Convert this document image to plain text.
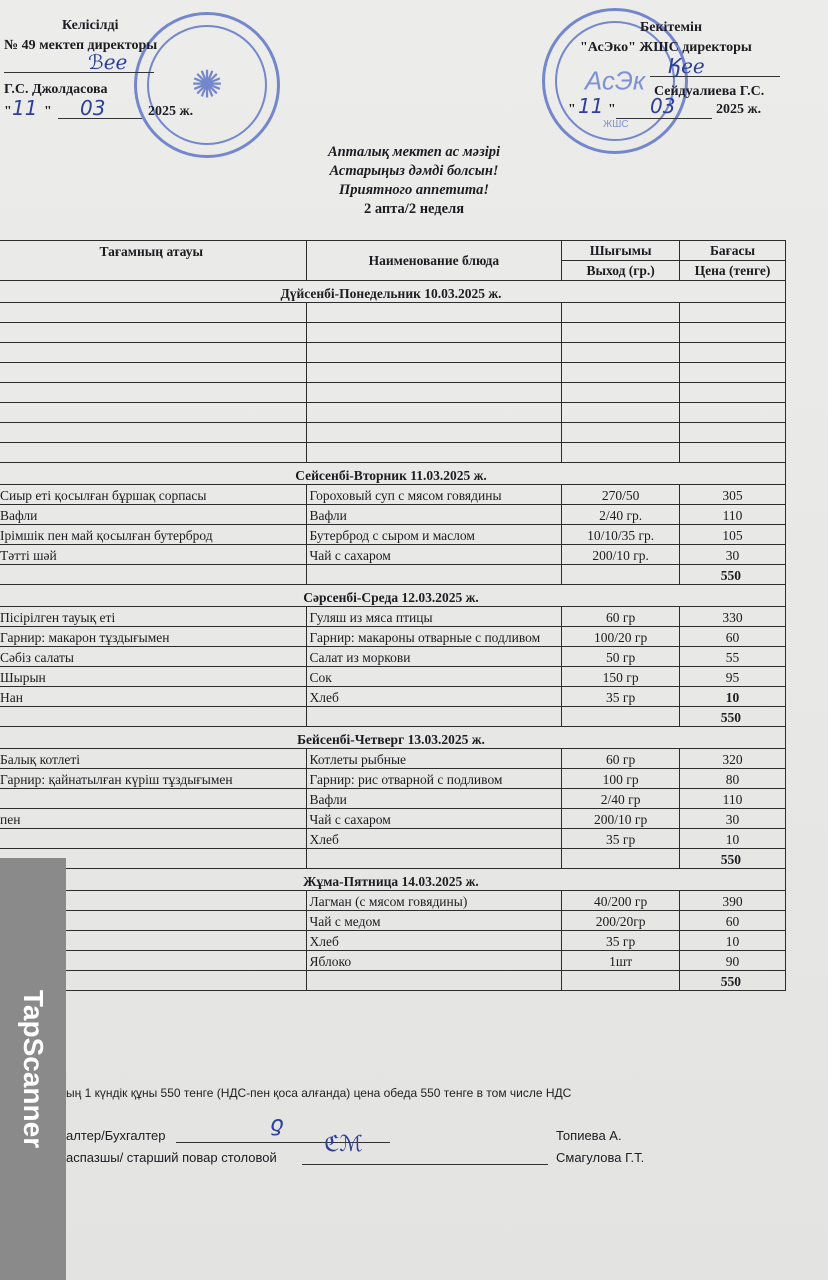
✺	АсЭк
ЖШС
Келісілді
№ 49 мектеп директоры
ℬℯℯ
Г.С. Джолдасова
" 11 " 03	2025 ж.
Бекітемін
"АсЭко" ЖШС директоры
Ӄℯℯ
Сейдуалиева Г.С.
" 11 " 03	2025 ж.
Апталық мектеп ас мәзірі
Астарыңыз дәмді болсын!
Приятного аппетита!
2 апта/2 неделя
Тағамның атауы	Наименование блюда	Шығымы	Бағасы
		Выход (гр.)	Цена (тенге)
Дүйсенбі-Понедельник 10.03.2025 ж.			

Сейсенбі-Вторник 11.03.2025 ж.			
Сиыр еті қосылған бұршақ сорпасы	Гороховый суп с мясом говядины	270/50	305
Вафли	Вафли	2/40 гр.	110
Ірімшік пен май қосылған бутерброд	Бутерброд с сыром и маслом	10/10/35 гр.	105
Тәтті шәй	Чай с сахаром	200/10 гр.	30
			550
Сәрсенбі-Среда 12.03.2025 ж.			
Пісірілген тауық еті	Гуляш из мяса птицы	60 гр	330
Гарнир: макарон тұздығымен	Гарнир: макароны отварные с подливом	100/20 гр	60
Сәбіз салаты	Салат из моркови	50 гр	55
Шырын	Сок	150 гр	95
Нан	Хлеб	35 гр	10
			550
Бейсенбі-Четверг 13.03.2025 ж.			
Балық котлеті	Котлеты рыбные	60 гр	320
Гарнир: қайнатылған күріш тұздығымен	Гарнир: рис отварной с подливом	100 гр	80
	Вафли	2/40 гр	110
пен	Чай с сахаром	200/10 гр	30
	Хлеб	35 гр	10
			550
Жұма-Пятница 14.03.2025 ж.			
	Лагман (с мясом говядины)	40/200 гр	390
	Чай с медом	200/20гр	60
	Хлеб	35 гр	10
	Яблоко	1шт	90
			550
ың 1 күндік құны 550 тенге (НДС-пен қоса алғанда) цена обеда 550 тенге в том числе НДС
алтер/Бухгалтер	ƍ	Топиева А.
аспазшы/ старший повар столовой
ℭℳ
Смагулова Г.Т.
TapScanner
